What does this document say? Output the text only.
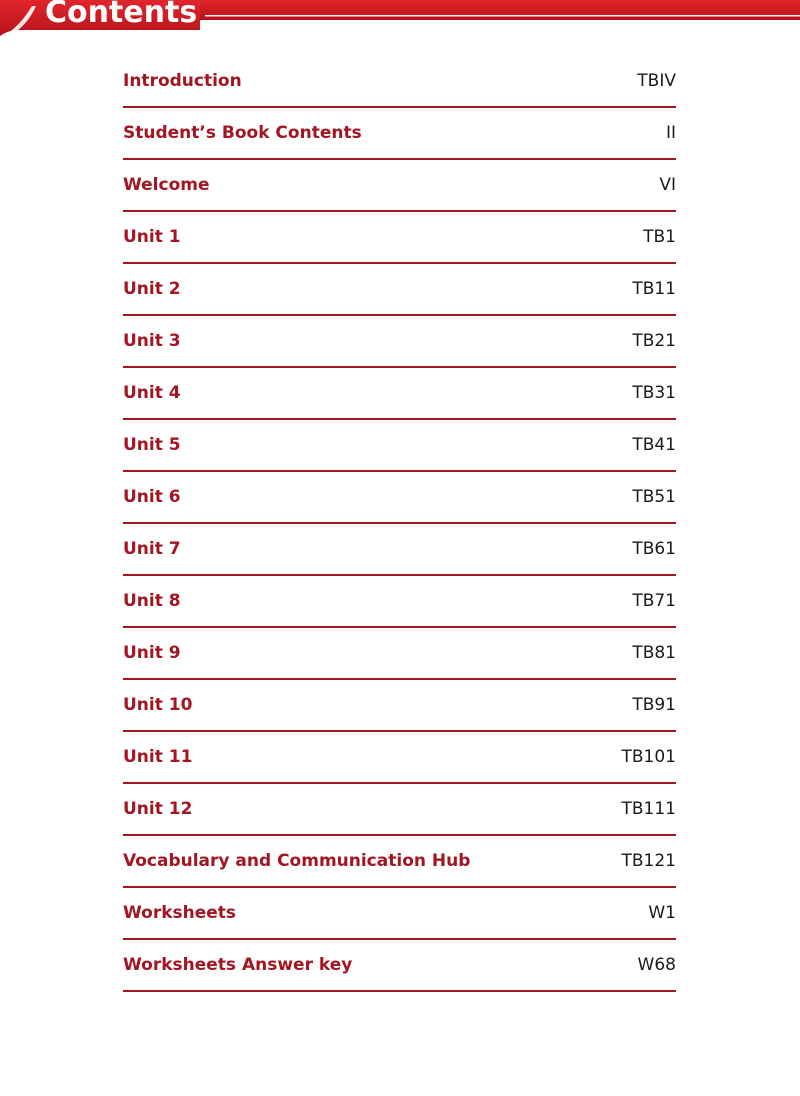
Contents
Introduction	TBIV
Student’s Book Contents	II
Welcome	VI
Unit 1	TB1
Unit 2	TB11
Unit 3	TB21
Unit 4	TB31
Unit 5	TB41
Unit 6	TB51
Unit 7	TB61
Unit 8	TB71
Unit 9	TB81
Unit 10	TB91
Unit 11	TB101
Unit 12	TB111
Vocabulary and Communication Hub	TB121
Worksheets	W1
Worksheets Answer key	W68
